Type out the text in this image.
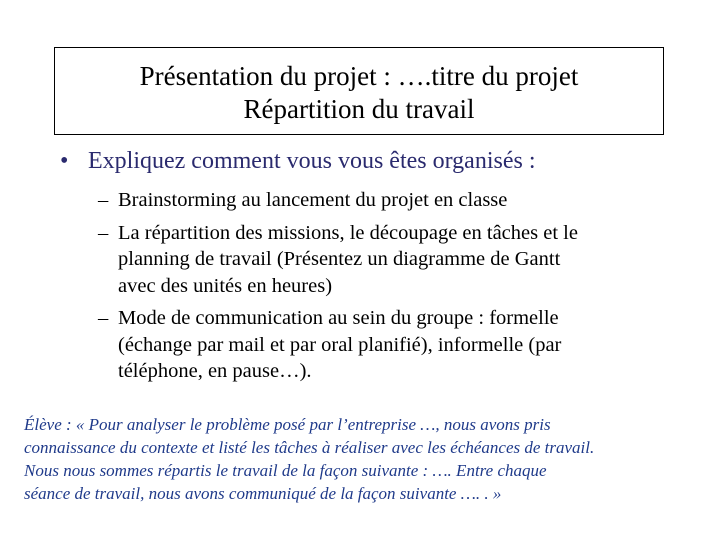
Présentation du projet : ….titre du projet
Répartition du travail
• Expliquez comment vous vous êtes organisés :
– Brainstorming au lancement du projet en classe
– La répartition des missions, le découpage en tâches et le
planning de travail (Présentez un diagramme de Gantt
avec des unités en heures)
– Mode de communication au sein du groupe : formelle
(échange par mail et par oral planifié), informelle (par
téléphone, en pause…).
Élève : « Pour analyser le problème posé par l’entreprise …, nous avons pris
connaissance du contexte et listé les tâches à réaliser avec les échéances de travail.
Nous nous sommes répartis le travail de la façon suivante : …. Entre chaque
séance de travail, nous avons communiqué de la façon suivante …. . »
